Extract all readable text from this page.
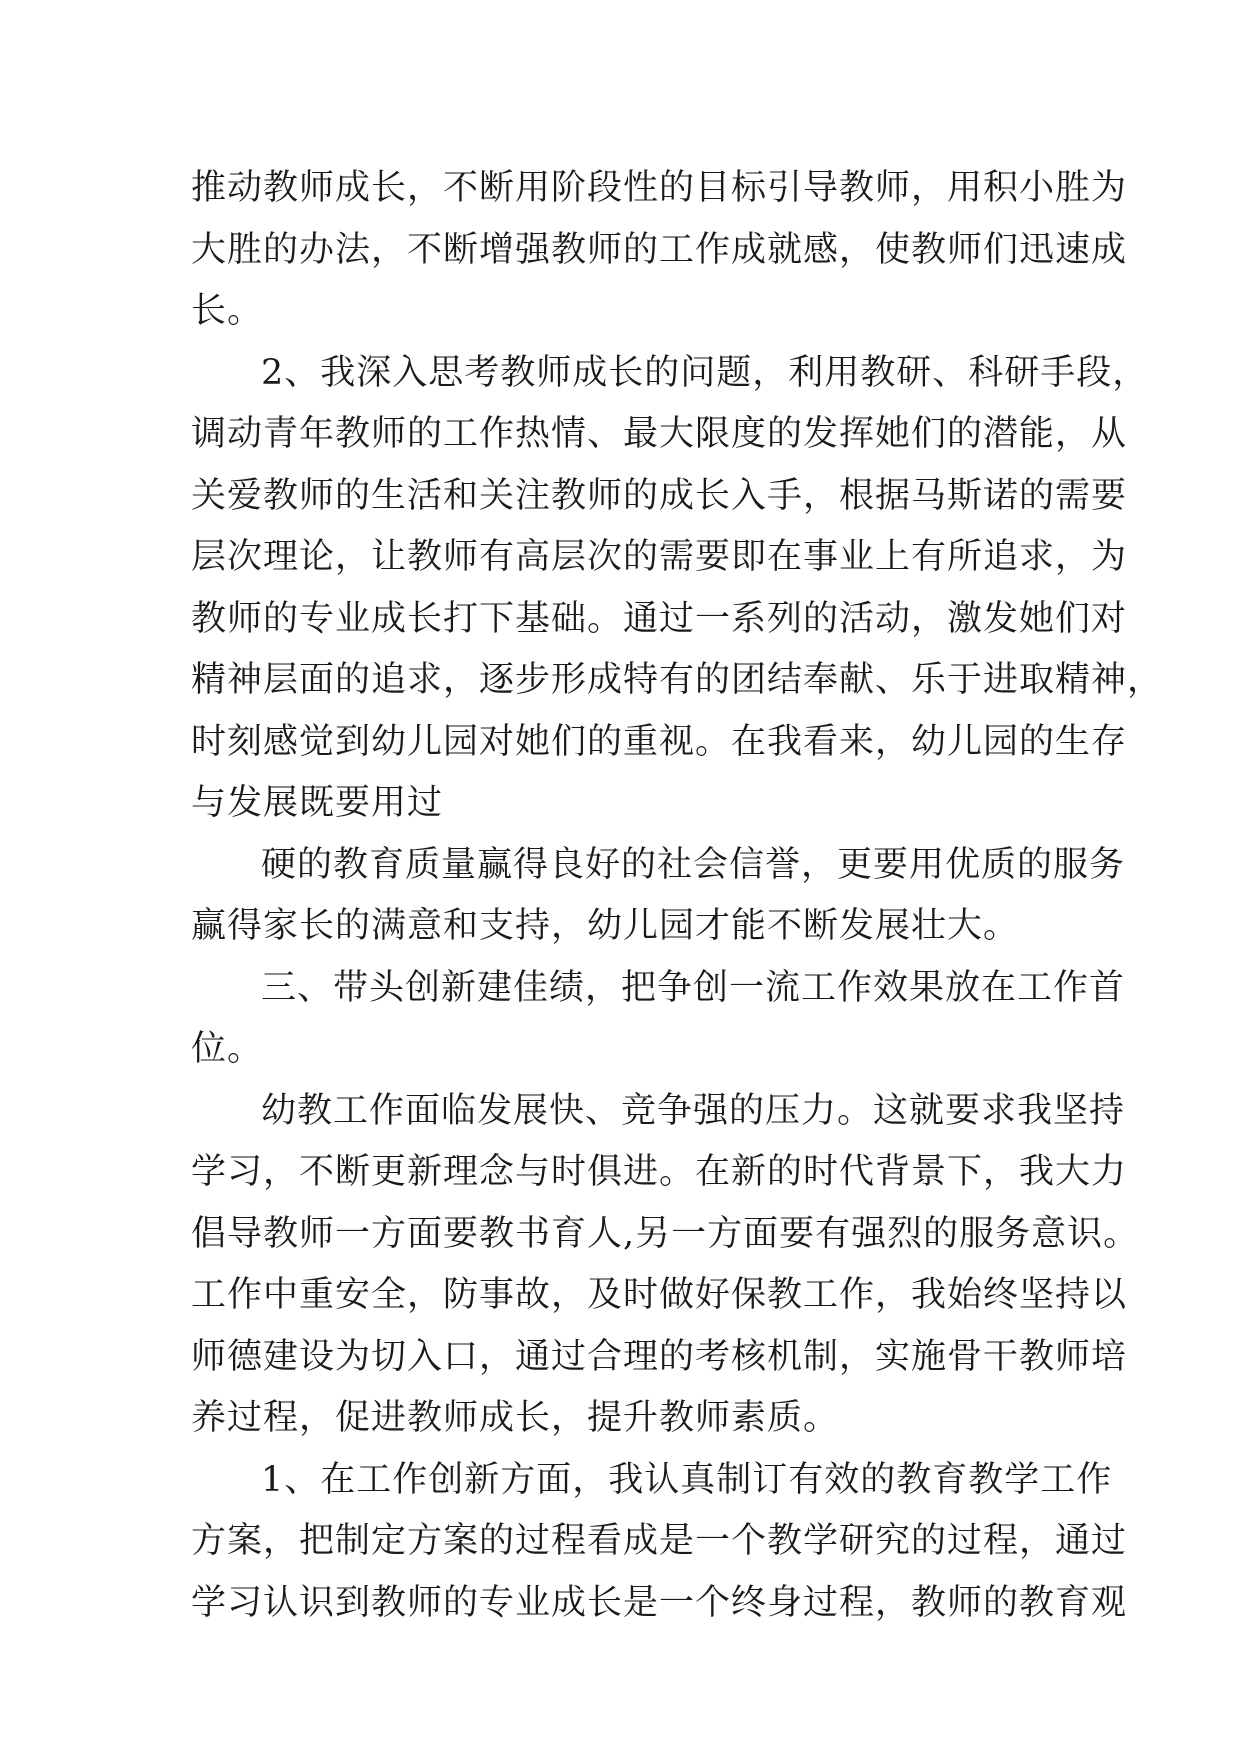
推动教师成长，不断用阶段性的目标引导教师，用积小胜为
大胜的办法，不断增强教师的工作成就感，使教师们迅速成
长。
2、我深入思考教师成长的问题，利用教研、科研手段，
调动青年教师的工作热情、最大限度的发挥她们的潜能，从
关爱教师的生活和关注教师的成长入手，根据马斯诺的需要
层次理论，让教师有高层次的需要即在事业上有所追求，为
教师的专业成长打下基础。通过一系列的活动，激发她们对
精神层面的追求，逐步形成特有的团结奉献、乐于进取精神，
时刻感觉到幼儿园对她们的重视。在我看来，幼儿园的生存
与发展既要用过
硬的教育质量赢得良好的社会信誉，更要用优质的服务
赢得家长的满意和支持，幼儿园才能不断发展壮大。
三、带头创新建佳绩，把争创一流工作效果放在工作首
位。
幼教工作面临发展快、竞争强的压力。这就要求我坚持
学习，不断更新理念与时俱进。在新的时代背景下，我大力
倡导教师一方面要教书育人,另一方面要有强烈的服务意识。
工作中重安全，防事故，及时做好保教工作，我始终坚持以
师德建设为切入口，通过合理的考核机制，实施骨干教师培
养过程，促进教师成长，提升教师素质。
1、在工作创新方面，我认真制订有效的教育教学工作
方案，把制定方案的过程看成是一个教学研究的过程，通过
学习认识到教师的专业成长是一个终身过程，教师的教育观
